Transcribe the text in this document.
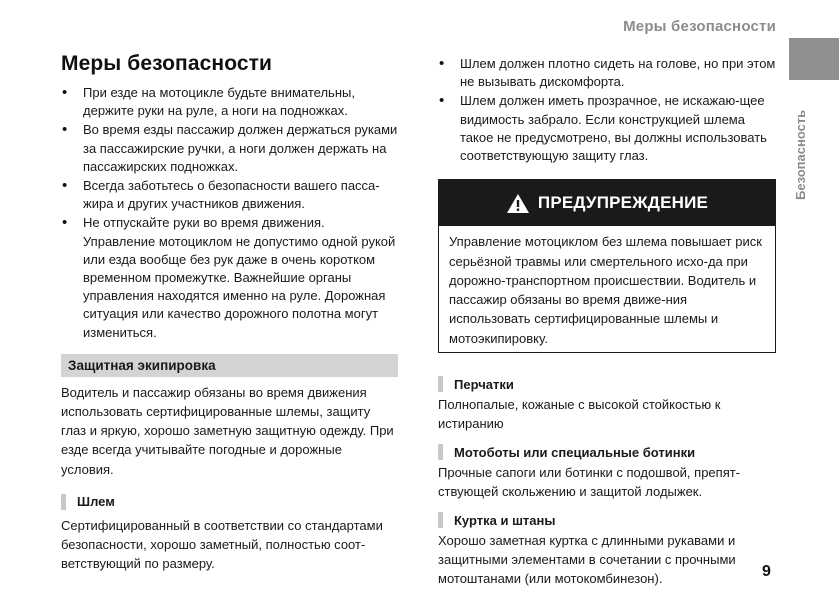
Меры безопасности
Безопасность
Меры безопасности
• При езде на мотоцикле будьте внимательны, держите руки на руле, а ноги на подножках.
• Во время езды пассажир должен держаться руками за пассажирские ручки, а ноги должен держать на пассажирских подножках.
• Всегда заботьтесь о безопасности вашего пасса-жира и других участников движения.
• Не отпускайте руки во время движения. Управление мотоциклом не допустимо одной рукой или езда вообще без рук даже в очень коротком временном промежутке. Важнейшие органы управления находятся именно на руле. Дорожная ситуация или качество дорожного полотна могут измениться.
Защитная экипировка

Водитель и пассажир обязаны во время движения использовать сертифицированные шлемы, защиту глаз и яркую, хорошо заметную защитную одежду. При езде всегда учитывайте погодные и дорожные условия.

Шлем

Сертифицированный в соответствии со стандартами безопасности, хорошо заметный, полностью соот-ветствующий по размеру.

• Шлем должен плотно сидеть на голове, но при этом не вызывать дискомфорта.
• Шлем должен иметь прозрачное, не искажаю-щее видимость забрало. Если конструкцией шлема такое не предусмотрено, вы должны использовать соответствующую защиту глаз.
ПРЕДУПРЕЖДЕНИЕ
Управление мотоциклом без шлема повышает риск серьёзной травмы или смертельного исхо-да при дорожно-транспортном происшествии. Водитель и пассажир обязаны во время движе-ния использовать сертифицированные шлемы и мотоэкипировку.
Перчатки

Полнопалые, кожаные с высокой стойкостью к истиранию

Мотоботы или специальные ботинки

Прочные сапоги или ботинки с подошвой, препят-ствующей скольжению и защитой лодыжек.

Куртка и штаны

Хорошо заметная куртка с длинными рукавами и защитными элементами в сочетании с прочными мотоштанами (или мотокомбинезон).	9
